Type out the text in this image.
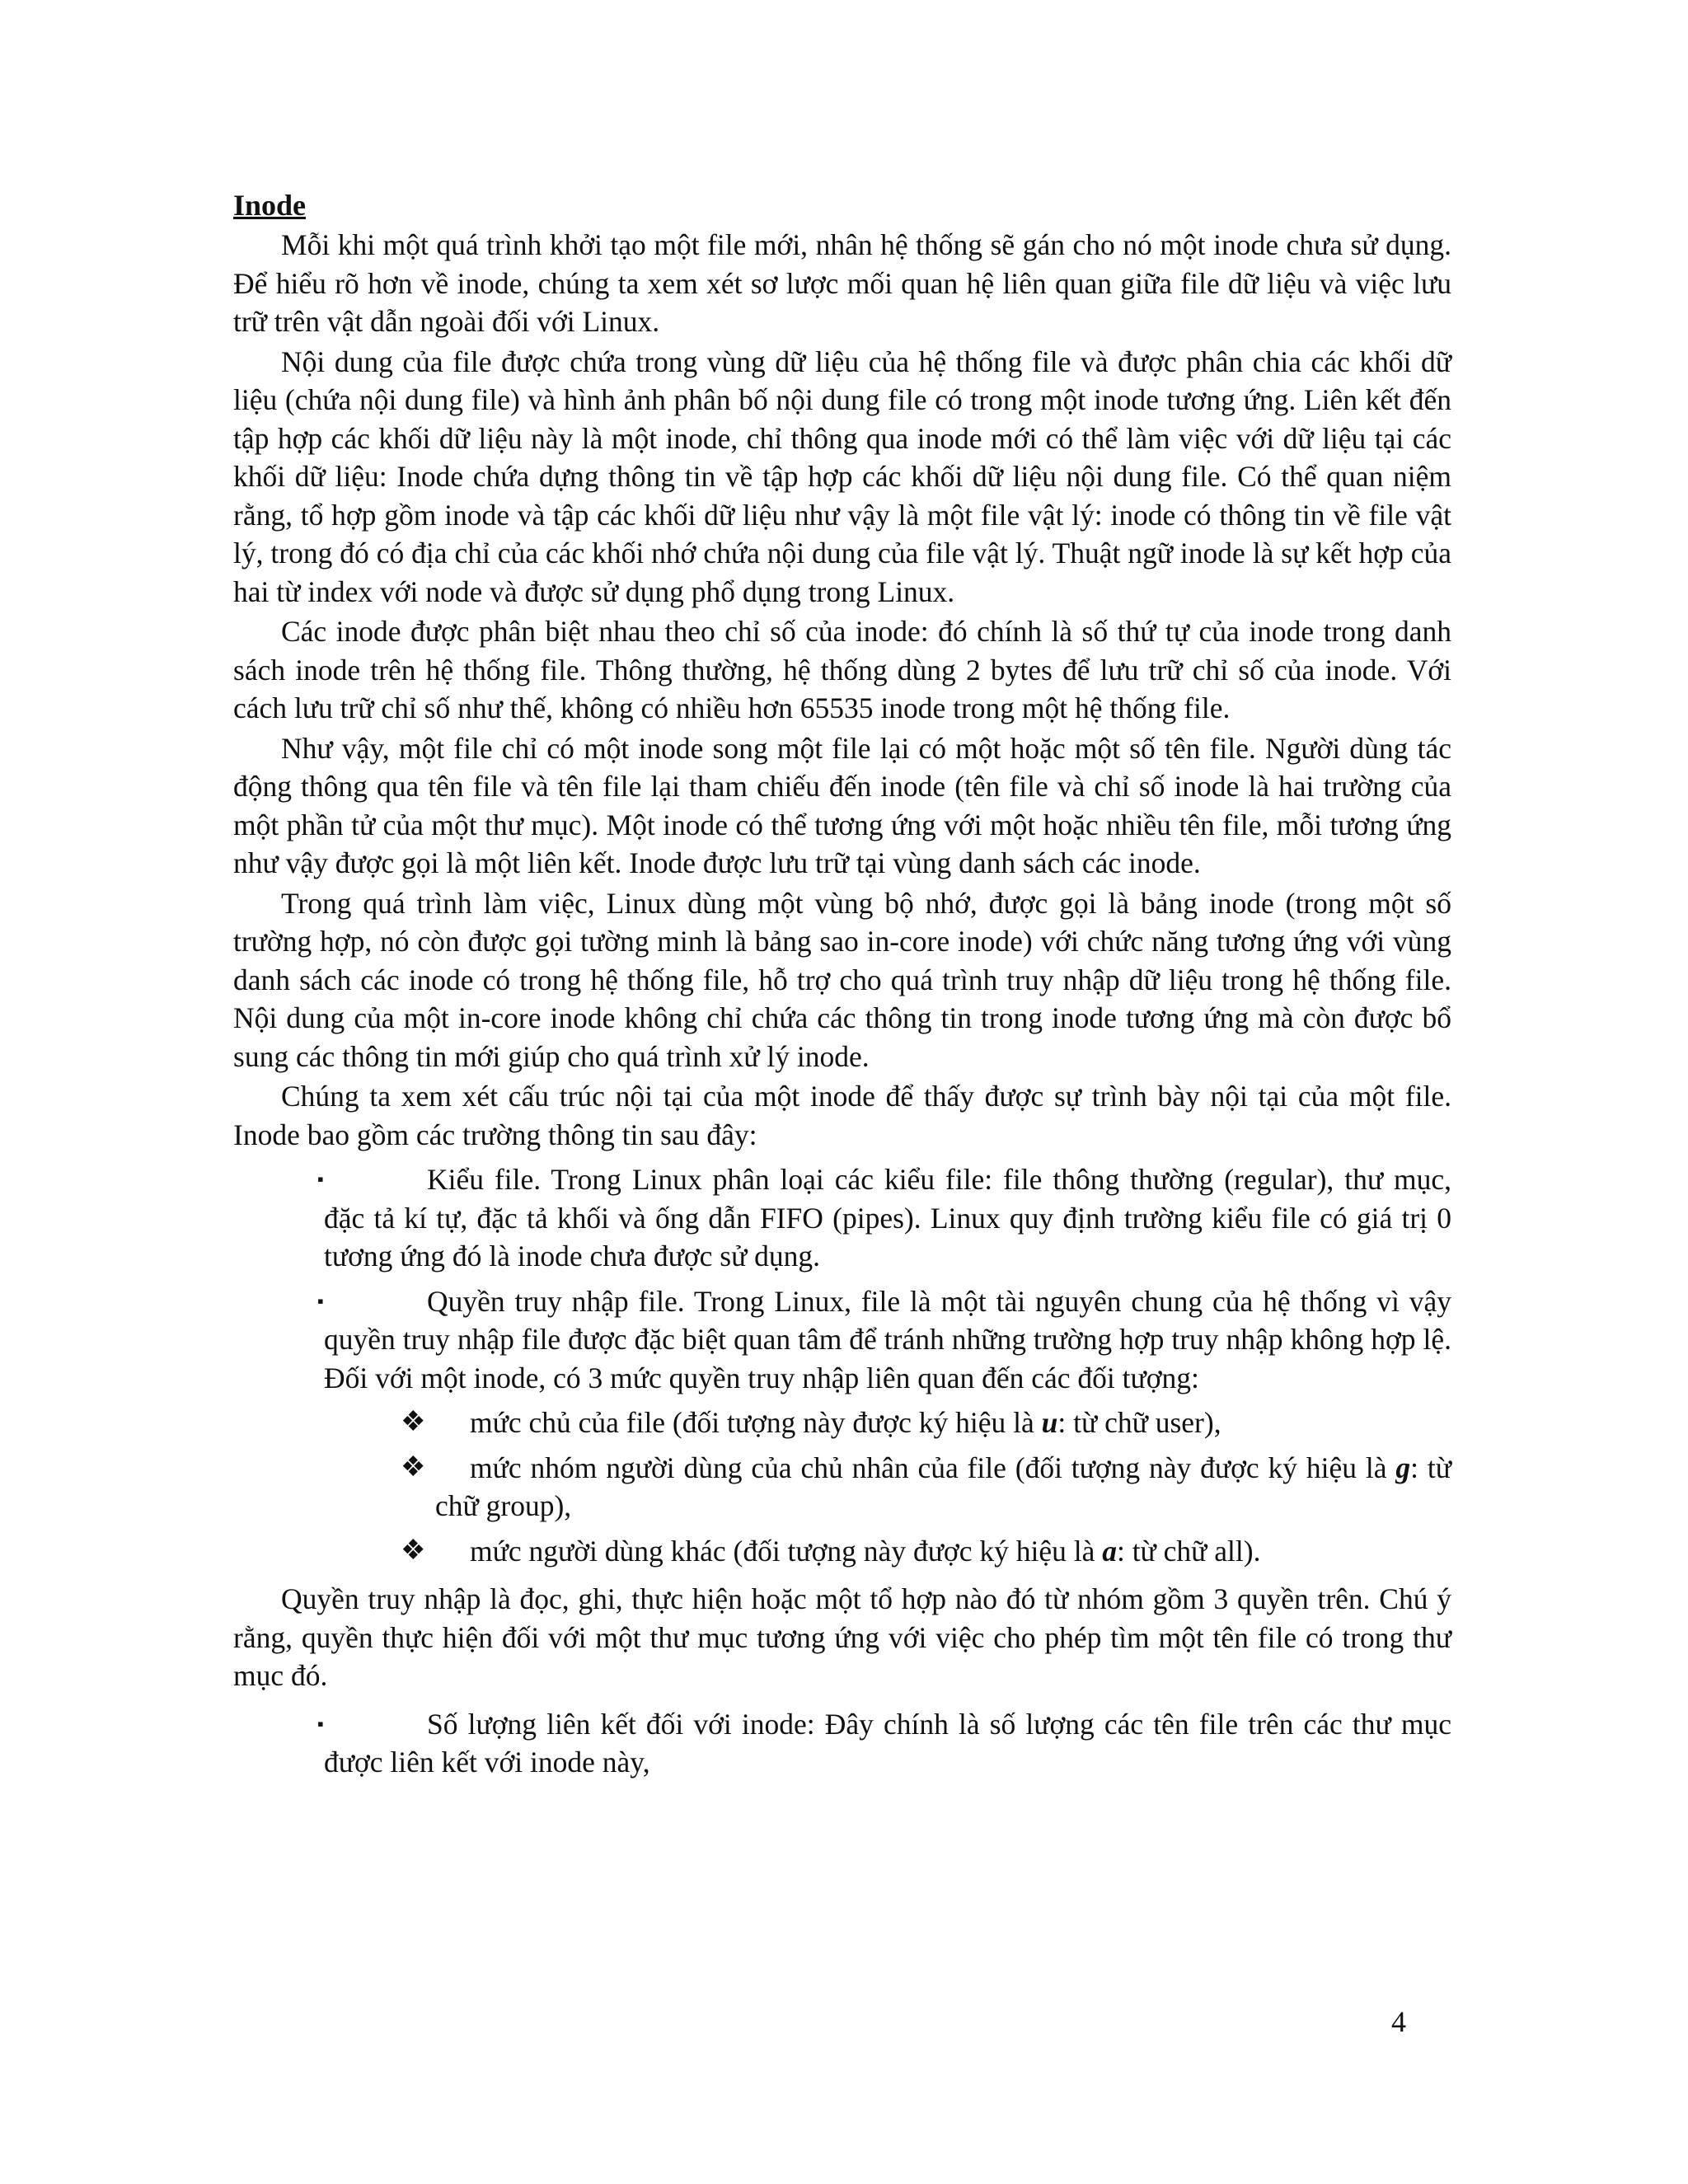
Inode

Mỗi khi một quá trình khởi tạo một file mới, nhân hệ thống sẽ gán cho nó một inode chưa sử dụng. Để hiểu rõ hơn về inode, chúng ta xem xét sơ lược mối quan hệ liên quan giữa file dữ liệu và việc lưu trữ trên vật dẫn ngoài đối với Linux.

Nội dung của file được chứa trong vùng dữ liệu của hệ thống file và được phân chia các khối dữ liệu (chứa nội dung file) và hình ảnh phân bố nội dung file có trong một inode tương ứng. Liên kết đến tập hợp các khối dữ liệu này là một inode, chỉ thông qua inode mới có thể làm việc với dữ liệu tại các khối dữ liệu: Inode chứa dựng thông tin về tập hợp các khối dữ liệu nội dung file. Có thể quan niệm rằng, tổ hợp gồm inode và tập các khối dữ liệu như vậy là một file vật lý: inode có thông tin về file vật lý, trong đó có địa chỉ của các khối nhớ chứa nội dung của file vật lý. Thuật ngữ inode là sự kết hợp của hai từ index với node và được sử dụng phổ dụng trong Linux.

Các inode được phân biệt nhau theo chỉ số của inode: đó chính là số thứ tự của inode trong danh sách inode trên hệ thống file. Thông thường, hệ thống dùng 2 bytes để lưu trữ chỉ số của inode. Với cách lưu trữ chỉ số như thế, không có nhiều hơn 65535 inode trong một hệ thống file.

Như vậy, một file chỉ có một inode song một file lại có một hoặc một số tên file. Người dùng tác động thông qua tên file và tên file lại tham chiếu đến inode (tên file và chỉ số inode là hai trường của một phần tử của một thư mục). Một inode có thể tương ứng với một hoặc nhiều tên file, mỗi tương ứng như vậy được gọi là một liên kết. Inode được lưu trữ tại vùng danh sách các inode.

Trong quá trình làm việc, Linux dùng một vùng bộ nhớ, được gọi là bảng inode (trong một số trường hợp, nó còn được gọi tường minh là bảng sao in-core inode) với chức năng tương ứng với vùng danh sách các inode có trong hệ thống file, hỗ trợ cho quá trình truy nhập dữ liệu trong hệ thống file. Nội dung của một in-core inode không chỉ chứa các thông tin trong inode tương ứng mà còn được bổ sung các thông tin mới giúp cho quá trình xử lý inode.

Chúng ta xem xét cấu trúc nội tại của một inode để thấy được sự trình bày nội tại của một file. Inode bao gồm các trường thông tin sau đây:

▪	Kiểu file. Trong Linux phân loại các kiểu file: file thông thường (regular), thư mục, đặc tả kí tự, đặc tả khối và ống dẫn FIFO (pipes). Linux quy định trường kiểu file có giá trị 0 tương ứng đó là inode chưa được sử dụng.
▪	Quyền truy nhập file. Trong Linux, file là một tài nguyên chung của hệ thống vì vậy quyền truy nhập file được đặc biệt quan tâm để tránh những trường hợp truy nhập không hợp lệ. Đối với một inode, có 3 mức quyền truy nhập liên quan đến các đối tượng:
❖	mức chủ của file (đối tượng này được ký hiệu là u: từ chữ user),
❖	mức nhóm người dùng của chủ nhân của file (đối tượng này được ký hiệu là g: từ chữ group),
❖	mức người dùng khác (đối tượng này được ký hiệu là a: từ chữ all).

Quyền truy nhập là đọc, ghi, thực hiện hoặc một tổ hợp nào đó từ nhóm gồm 3 quyền trên. Chú ý rằng, quyền thực hiện đối với một thư mục tương ứng với việc cho phép tìm một tên file có trong thư mục đó.

▪	Số lượng liên kết đối với inode: Đây chính là số lượng các tên file trên các thư mục được liên kết với inode này,
4
